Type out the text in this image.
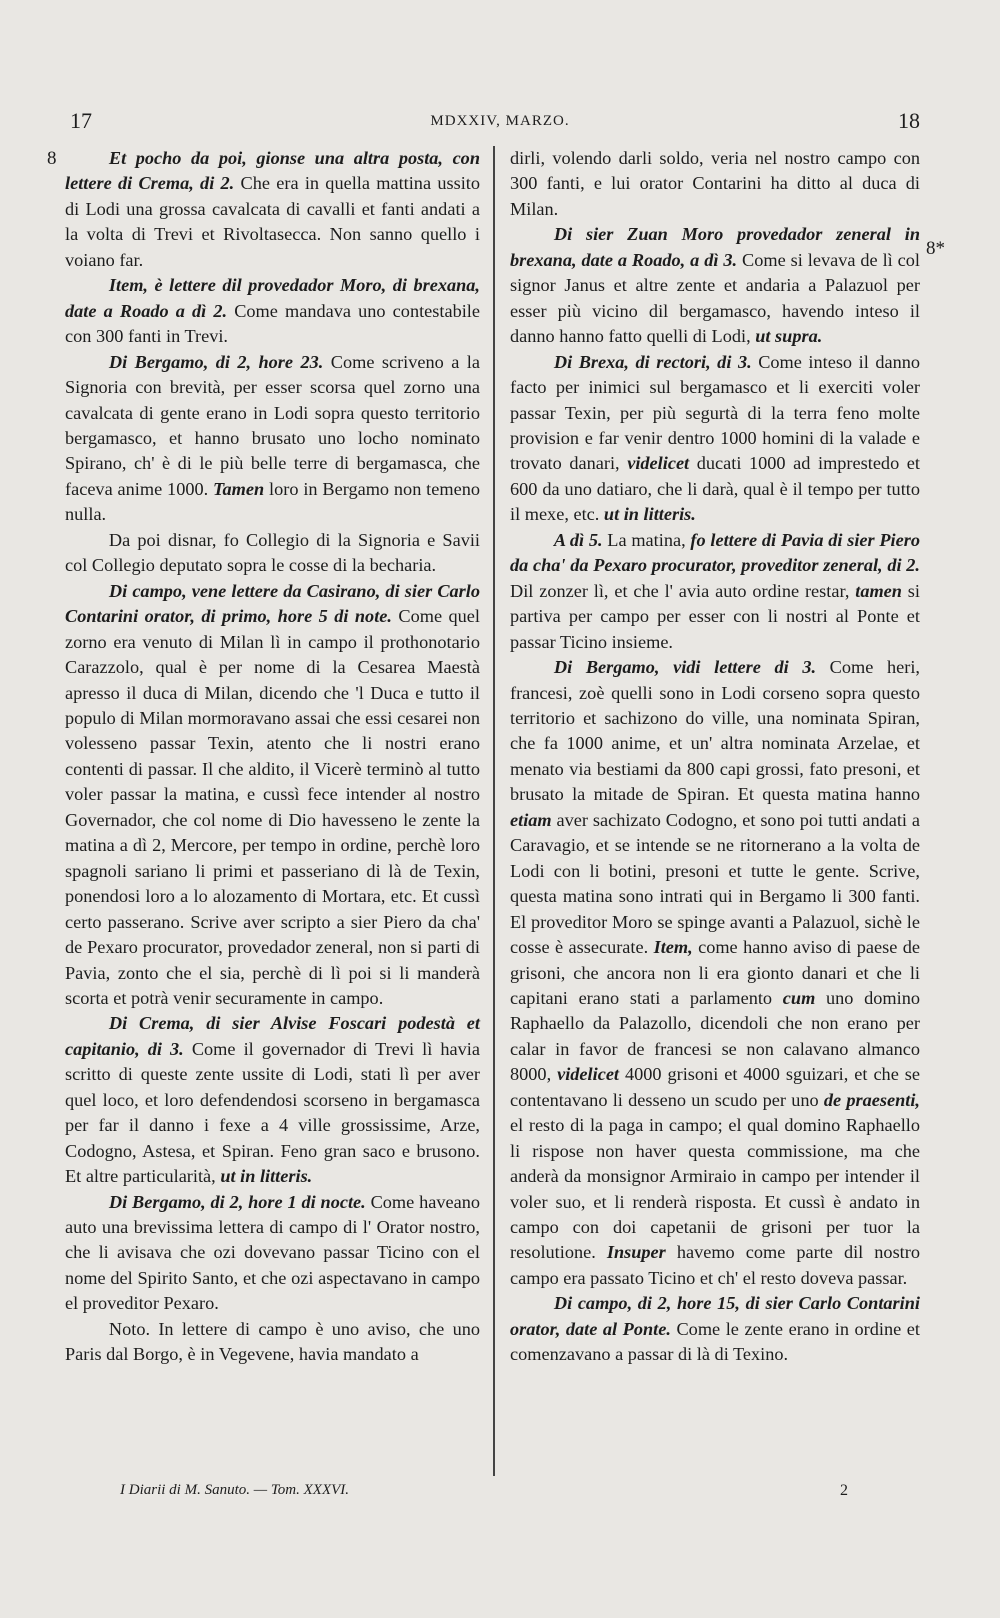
17	MDXXIV, MARZO.	18
8
8*

Et pocho da poi, gionse una altra posta, con lettere di Crema, di 2. Che era in quella mattina ussito di Lodi una grossa cavalcata di cavalli et fanti andati a la volta di Trevi et Rivoltasecca. Non sanno quello i voiano far.

Item, è lettere dil provedador Moro, di brexana, date a Roado a dì 2. Come mandava uno contestabile con 300 fanti in Trevi.

Di Bergamo, di 2, hore 23. Come scriveno a la Signoria con brevità, per esser scorsa quel zorno una cavalcata di gente erano in Lodi sopra questo territorio bergamasco, et hanno brusato uno locho nominato Spirano, ch' è di le più belle terre di bergamasca, che faceva anime 1000. Tamen loro in Bergamo non temeno nulla.

Da poi disnar, fo Collegio di la Signoria e Savii col Collegio deputato sopra le cosse di la becharia.

Di campo, vene lettere da Casirano, di sier Carlo Contarini orator, di primo, hore 5 di note. Come quel zorno era venuto di Milan lì in campo il prothonotario Carazzolo, qual è per nome di la Cesarea Maestà apresso il duca di Milan, dicendo che 'l Duca e tutto il populo di Milan mormoravano assai che essi cesarei non volesseno passar Texin, atento che li nostri erano contenti di passar. Il che aldito, il Vicerè terminò al tutto voler passar la matina, e cussì fece intender al nostro Governador, che col nome di Dio havesseno le zente la matina a dì 2, Mercore, per tempo in ordine, perchè loro spagnoli sariano li primi et passeriano di là de Texin, ponendosi loro a lo alozamento di Mortara, etc. Et cussì certo passerano. Scrive aver scripto a sier Piero da cha' de Pexaro procurator, provedador zeneral, non si parti di Pavia, zonto che el sia, perchè di lì poi si li manderà scorta et potrà venir securamente in campo.

Di Crema, di sier Alvise Foscari podestà et capitanio, di 3. Come il governador di Trevi lì havia scritto di queste zente ussite di Lodi, stati lì per aver quel loco, et loro defendendosi scorseno in bergamasca per far il danno i fexe a 4 ville grossissime, Arze, Codogno, Astesa, et Spiran. Feno gran saco e brusono. Et altre particularità, ut in litteris.

Di Bergamo, di 2, hore 1 di nocte. Come haveano auto una brevissima lettera di campo di l' Orator nostro, che li avisava che ozi dovevano passar Ticino con el nome del Spirito Santo, et che ozi aspectavano in campo el proveditor Pexaro.

Noto. In lettere di campo è uno aviso, che uno Paris dal Borgo, è in Vegevene, havia mandato a

dirli, volendo darli soldo, veria nel nostro campo con 300 fanti, e lui orator Contarini ha ditto al duca di Milan.

Di sier Zuan Moro provedador zeneral in brexana, date a Roado, a dì 3. Come si levava de lì col signor Janus et altre zente et andaria a Palazuol per esser più vicino dil bergamasco, havendo inteso il danno hanno fatto quelli di Lodi, ut supra.

Di Brexa, di rectori, di 3. Come inteso il danno facto per inimici sul bergamasco et li exerciti voler passar Texin, per più segurtà di la terra feno molte provision e far venir dentro 1000 homini di la valade e trovato danari, videlicet ducati 1000 ad imprestedo et 600 da uno datiaro, che li darà, qual è il tempo per tutto il mexe, etc. ut in litteris.

A dì 5. La matina, fo lettere di Pavia di sier Piero da cha' da Pexaro procurator, proveditor zeneral, di 2. Dil zonzer lì, et che l' avia auto ordine restar, tamen si partiva per campo per esser con li nostri al Ponte et passar Ticino insieme.

Di Bergamo, vidi lettere di 3. Come heri, francesi, zoè quelli sono in Lodi corseno sopra questo territorio et sachizono do ville, una nominata Spiran, che fa 1000 anime, et un' altra nominata Arzelae, et menato via bestiami da 800 capi grossi, fato presoni, et brusato la mitade de Spiran. Et questa matina hanno etiam aver sachizato Codogno, et sono poi tutti andati a Caravagio, et se intende se ne ritornerano a la volta de Lodi con li botini, presoni et tutte le gente. Scrive, questa matina sono intrati qui in Bergamo li 300 fanti. El proveditor Moro se spinge avanti a Palazuol, sichè le cosse è assecurate. Item, come hanno aviso di paese de grisoni, che ancora non li era gionto danari et che li capitani erano stati a parlamento cum uno domino Raphaello da Palazollo, dicendoli che non erano per calar in favor de francesi se non calavano almanco 8000, videlicet 4000 grisoni et 4000 sguizari, et che se contentavano li desseno un scudo per uno de praesenti, el resto di la paga in campo; el qual domino Raphaello li rispose non haver questa commissione, ma che anderà da monsignor Armiraio in campo per intender il voler suo, et li renderà risposta. Et cussì è andato in campo con doi capetanii de grisoni per tuor la resolutione. Insuper havemo come parte dil nostro campo era passato Ticino et ch' el resto doveva passar.

Di campo, di 2, hore 15, di sier Carlo Contarini orator, date al Ponte. Come le zente erano in ordine et comenzavano a passar di là di Texino.

I Diarii di M. Sanuto. — Tom. XXXVI.	2
